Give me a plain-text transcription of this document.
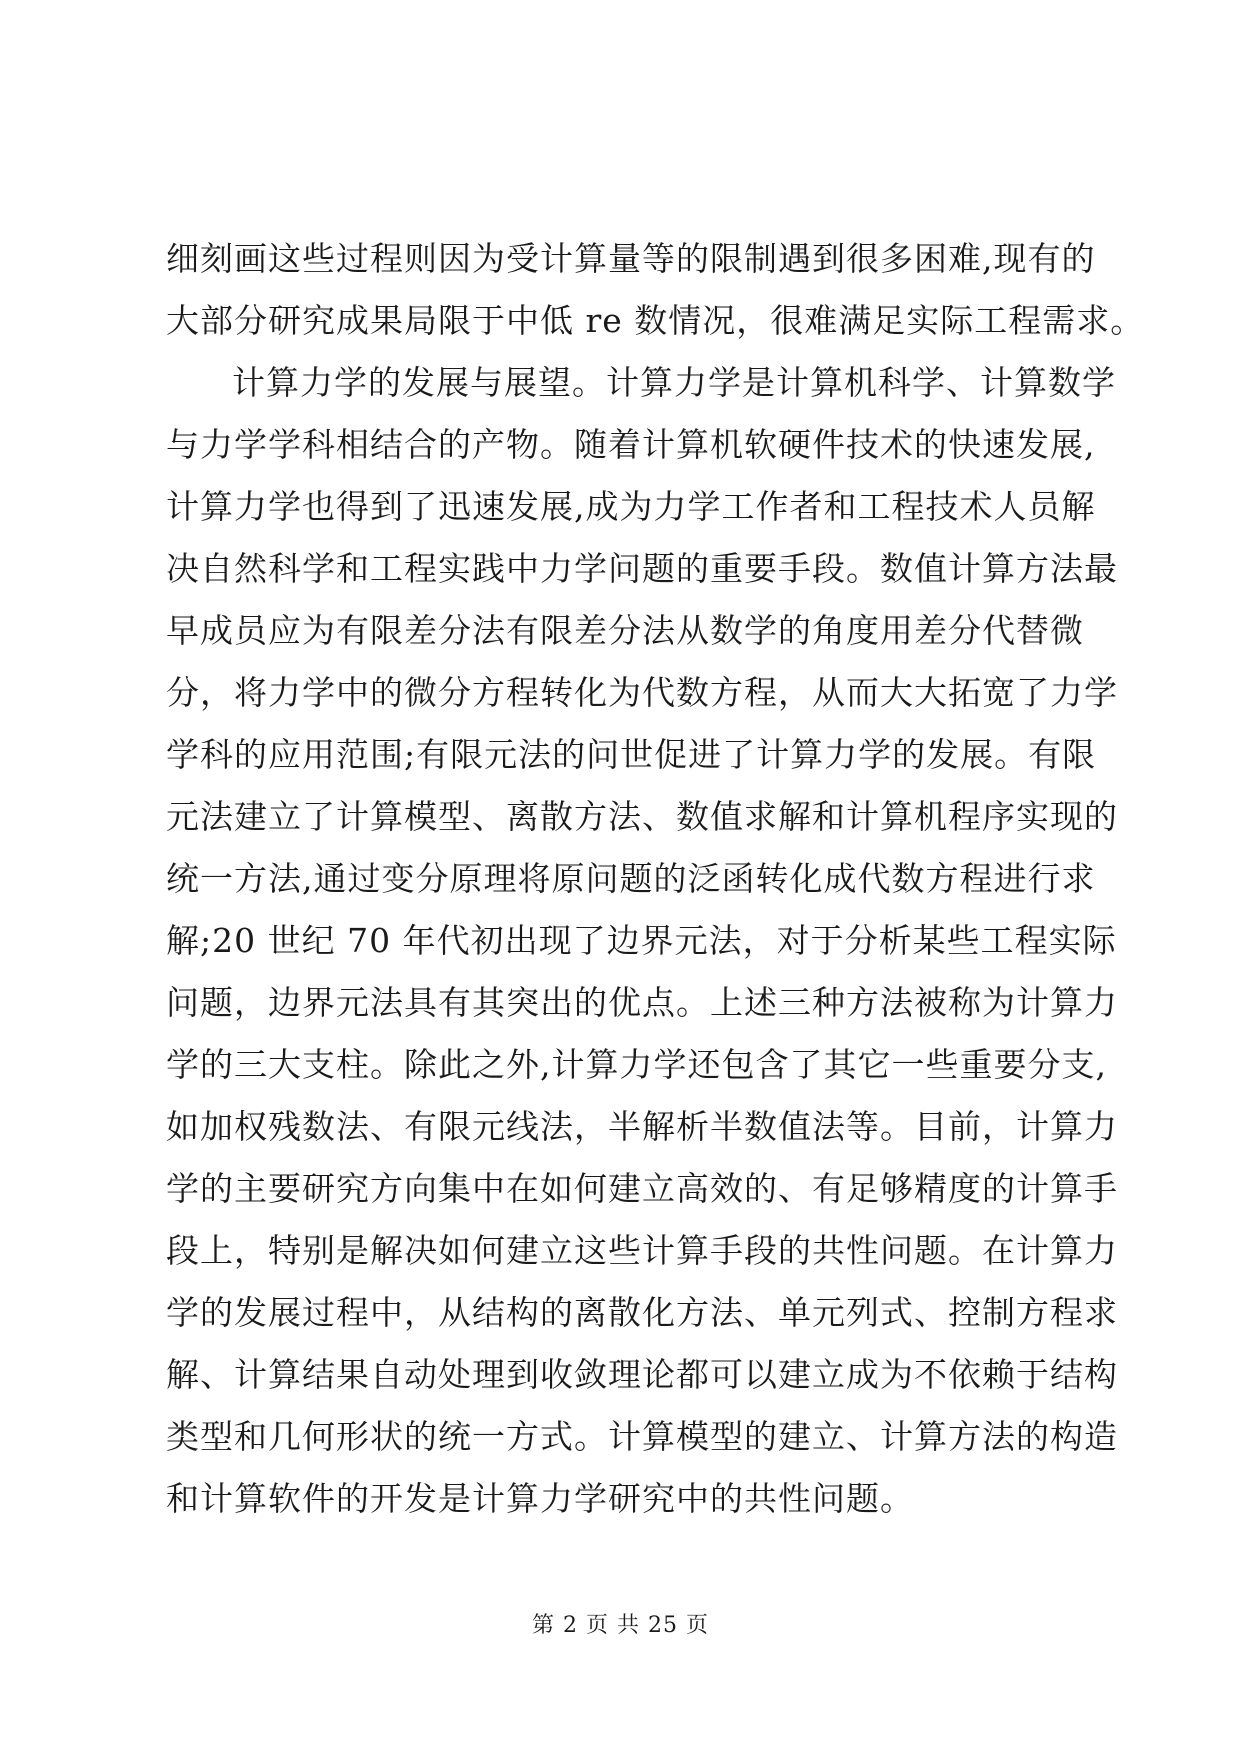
细刻画这些过程则因为受计算量等的限制遇到很多困难,现有的
大部分研究成果局限于中低 re 数情况，很难满足实际工程需求。
计算力学的发展与展望。计算力学是计算机科学、计算数学
与力学学科相结合的产物。随着计算机软硬件技术的快速发展,
计算力学也得到了迅速发展,成为力学工作者和工程技术人员解
决自然科学和工程实践中力学问题的重要手段。数值计算方法最
早成员应为有限差分法有限差分法从数学的角度用差分代替微
分，将力学中的微分方程转化为代数方程，从而大大拓宽了力学
学科的应用范围;有限元法的问世促进了计算力学的发展。有限
元法建立了计算模型、离散方法、数值求解和计算机程序实现的
统一方法,通过变分原理将原问题的泛函转化成代数方程进行求
解;20 世纪 70 年代初出现了边界元法，对于分析某些工程实际
问题，边界元法具有其突出的优点。上述三种方法被称为计算力
学的三大支柱。除此之外,计算力学还包含了其它一些重要分支,
如加权残数法、有限元线法，半解析半数值法等。目前，计算力
学的主要研究方向集中在如何建立高效的、有足够精度的计算手
段上，特别是解决如何建立这些计算手段的共性问题。在计算力
学的发展过程中，从结构的离散化方法、单元列式、控制方程求
解、计算结果自动处理到收敛理论都可以建立成为不依赖于结构
类型和几何形状的统一方式。计算模型的建立、计算方法的构造
和计算软件的开发是计算力学研究中的共性问题。
第 2 页 共 25 页
